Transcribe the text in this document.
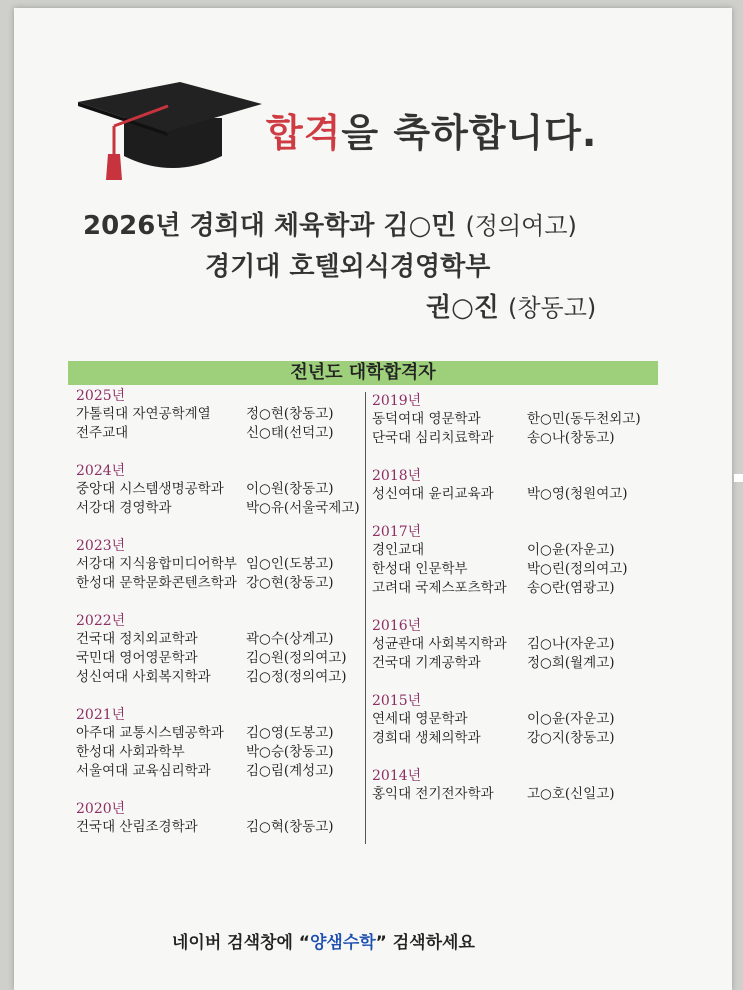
합격을 축하합니다.
2026년 경희대 체육학과 김○민 (정의여고)
경기대 호텔외식경영학부
권○진 (창동고)
전년도 대학합격자
2025년
가톨릭대 자연공학계열	정○현(창동고)
전주교대	신○태(선덕고)
2024년
중앙대 시스템생명공학과 이○원(창동고)
서강대 경영학과	박○유(서울국제고)
2023년
서강대 지식융합미디어학부 임○인(도봉고)
한성대 문학문화콘텐츠학과 강○현(창동고)
2022년
건국대 정치외교학과	곽○수(상계고)
국민대 영어영문학과	김○원(정의여고)
성신여대 사회복지학과	김○정(정의여고)
2021년
아주대 교통시스템공학과 김○영(도봉고)
한성대 사회과학부	박○승(창동고)
서울여대 교육심리학과	김○림(계성고)
2020년
건국대 산림조경학과	김○혁(창동고)
2019년
동덕여대 영문학과	한○민(동두천외고)
단국대 심리치료학과 송○나(창동고)
2018년
성신여대 윤리교육과 박○영(청원여고)
2017년
경인교대	이○윤(자운고)
한성대 인문학부	박○린(정의여고)
고려대 국제스포츠학과 송○란(염광고)
2016년
성균관대 사회복지학과 김○나(자운고)
건국대 기계공학과	정○희(월계고)
2015년
연세대 영문학과	이○윤(자운고)
경희대 생체의학과	강○지(창동고)
2014년
홍익대 전기전자학과 고○호(신일고)
네이버 검색창에 “양샘수학” 검색하세요
